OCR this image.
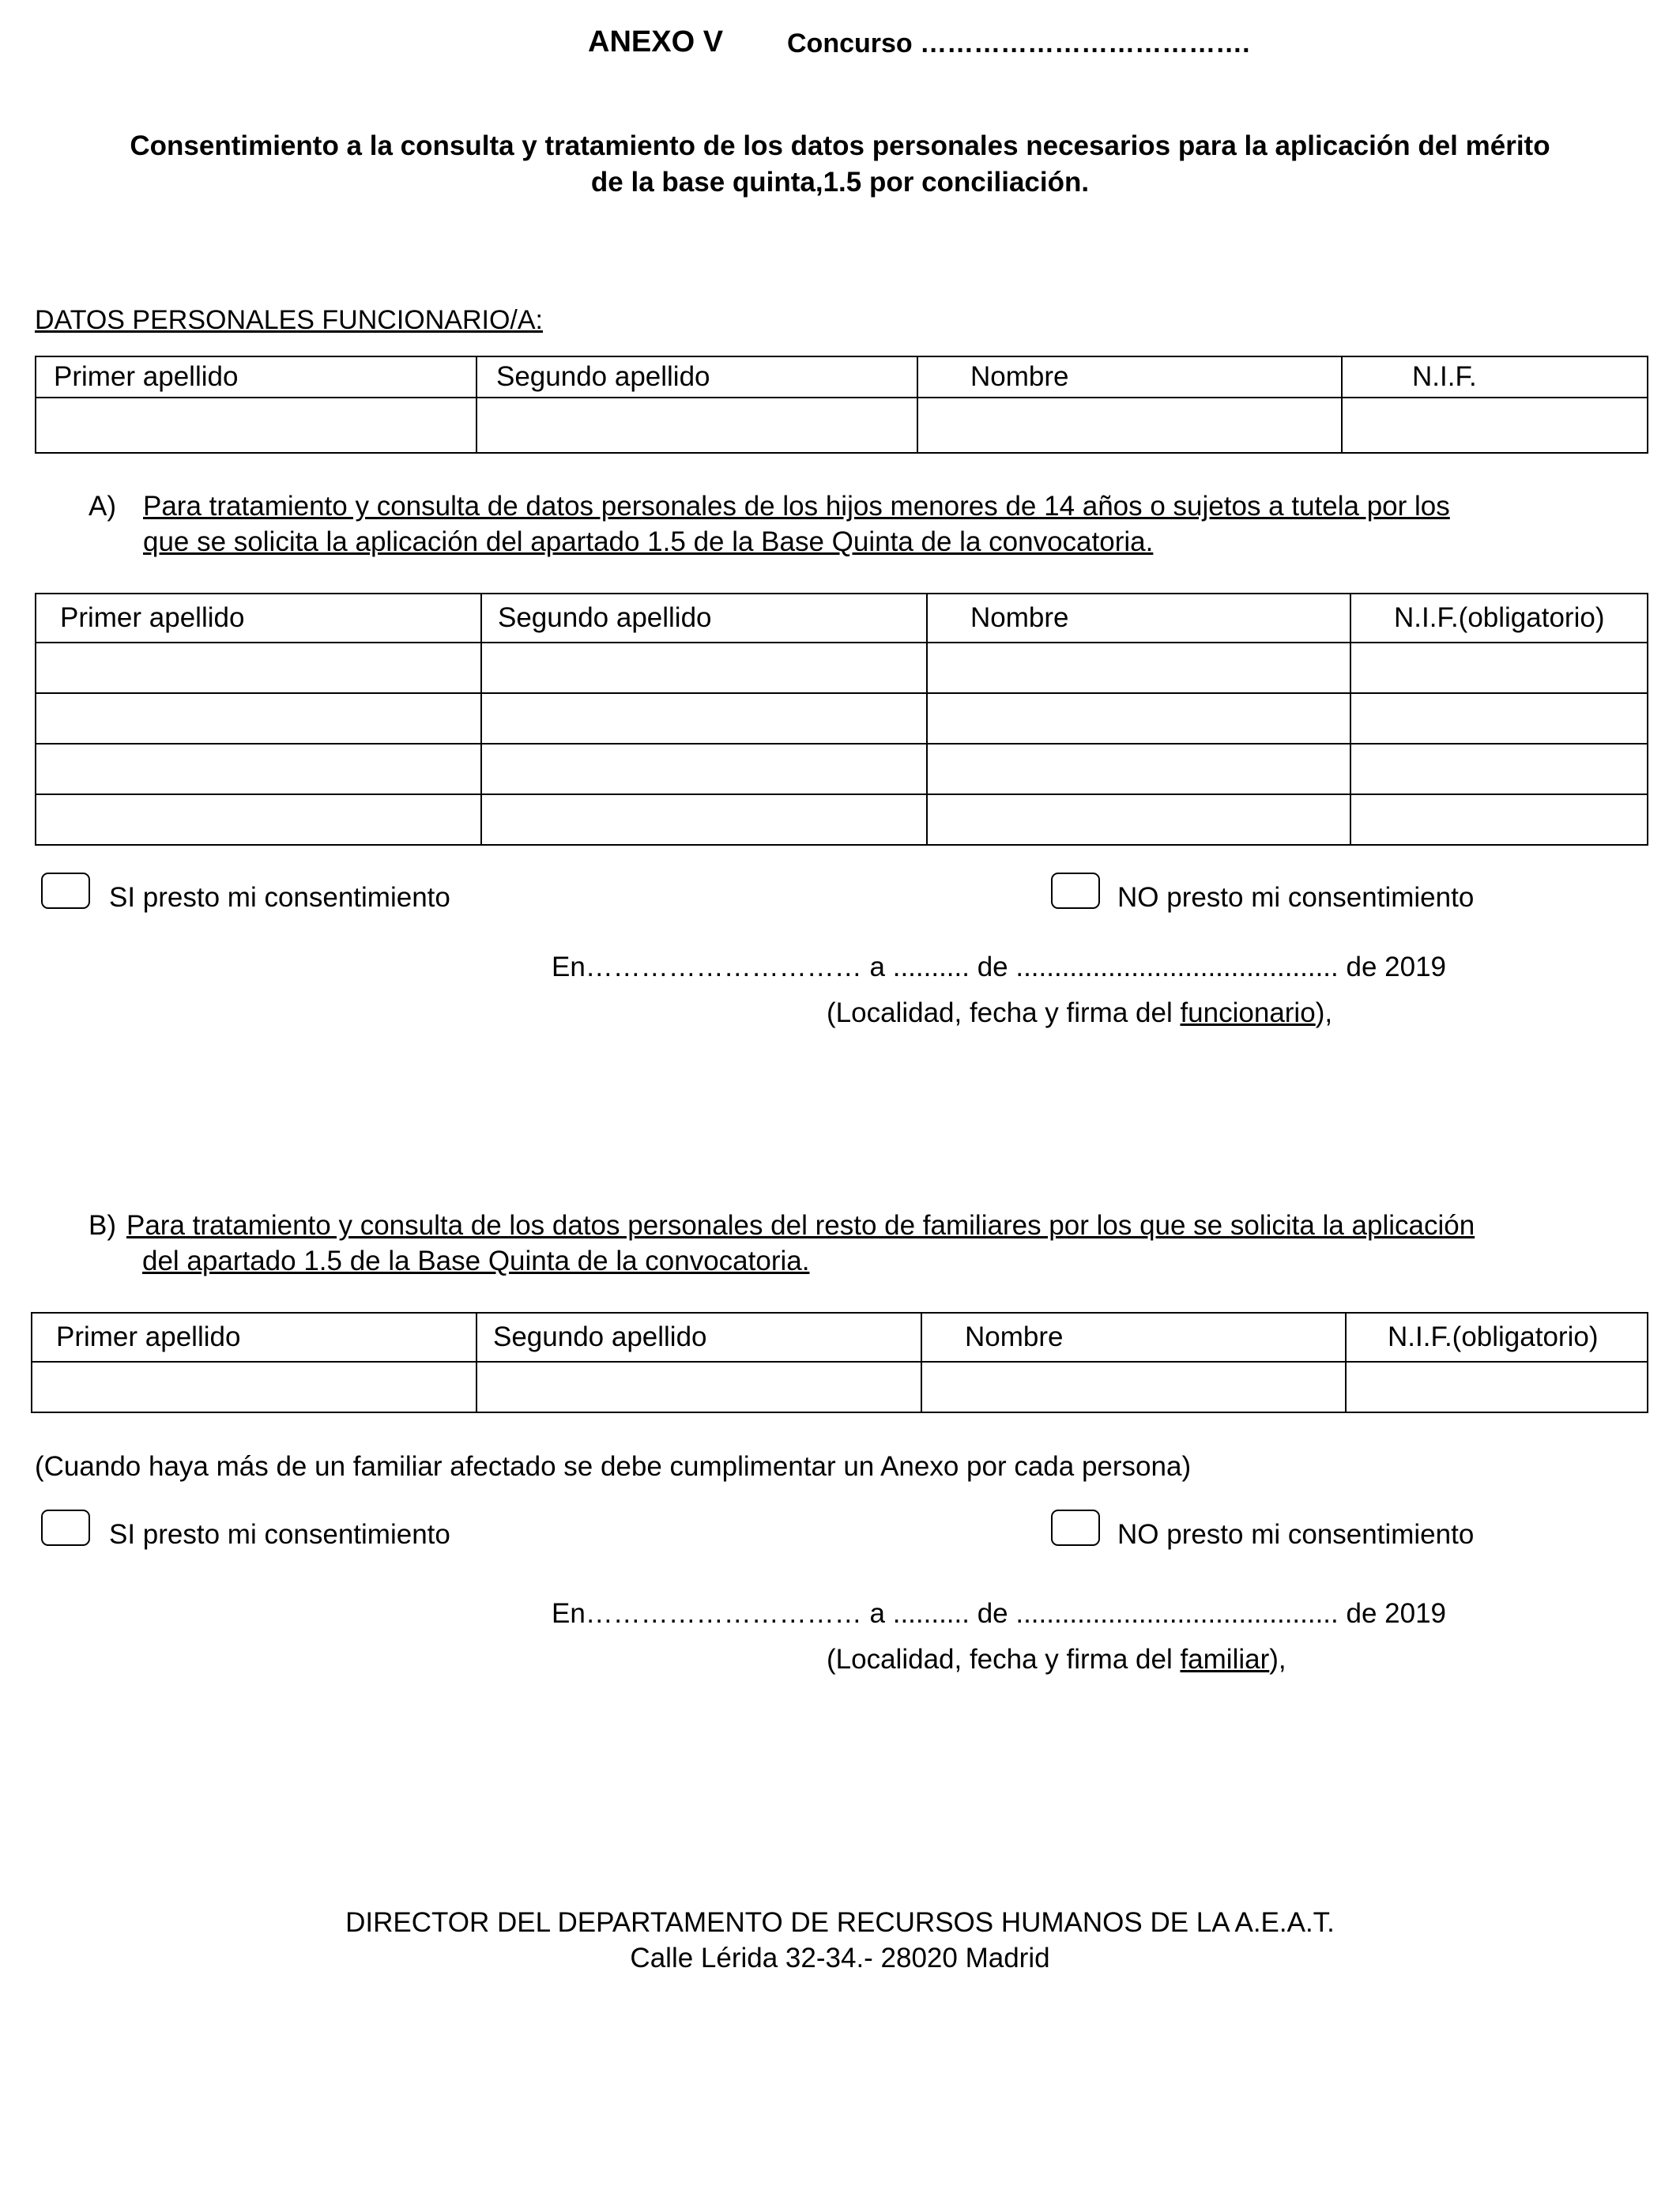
ANEXO V Concurso ……………………………….
Consentimiento a la consulta y tratamiento de los datos personales necesarios para la aplicación del mérito
de la base quinta,1.5 por conciliación.
DATOS PERSONALES FUNCIONARIO/A:
Primer apellido	Segundo apellido	Nombre	N.I.F.

A) Para tratamiento y consulta de datos personales de los hijos menores de 14 años o sujetos a tutela por los
que se solicita la aplicación del apartado 1.5 de la Base Quinta de la convocatoria.
Primer apellido	Segundo apellido	Nombre	N.I.F.(obligatorio)

SI presto mi consentimiento	NO presto mi consentimiento
En………………………… a .......... de .......................................... de 2019
(Localidad, fecha y firma del funcionario),
B) Para tratamiento y consulta de los datos personales del resto de familiares por los que se solicita la aplicación
del apartado 1.5 de la Base Quinta de la convocatoria.
Primer apellido	Segundo apellido	Nombre	N.I.F.(obligatorio)

(Cuando haya más de un familiar afectado se debe cumplimentar un Anexo por cada persona)
SI presto mi consentimiento	NO presto mi consentimiento
En………………………… a .......... de .......................................... de 2019
(Localidad, fecha y firma del familiar),
DIRECTOR DEL DEPARTAMENTO DE RECURSOS HUMANOS DE LA A.E.A.T.
Calle Lérida 32-34.- 28020 Madrid
